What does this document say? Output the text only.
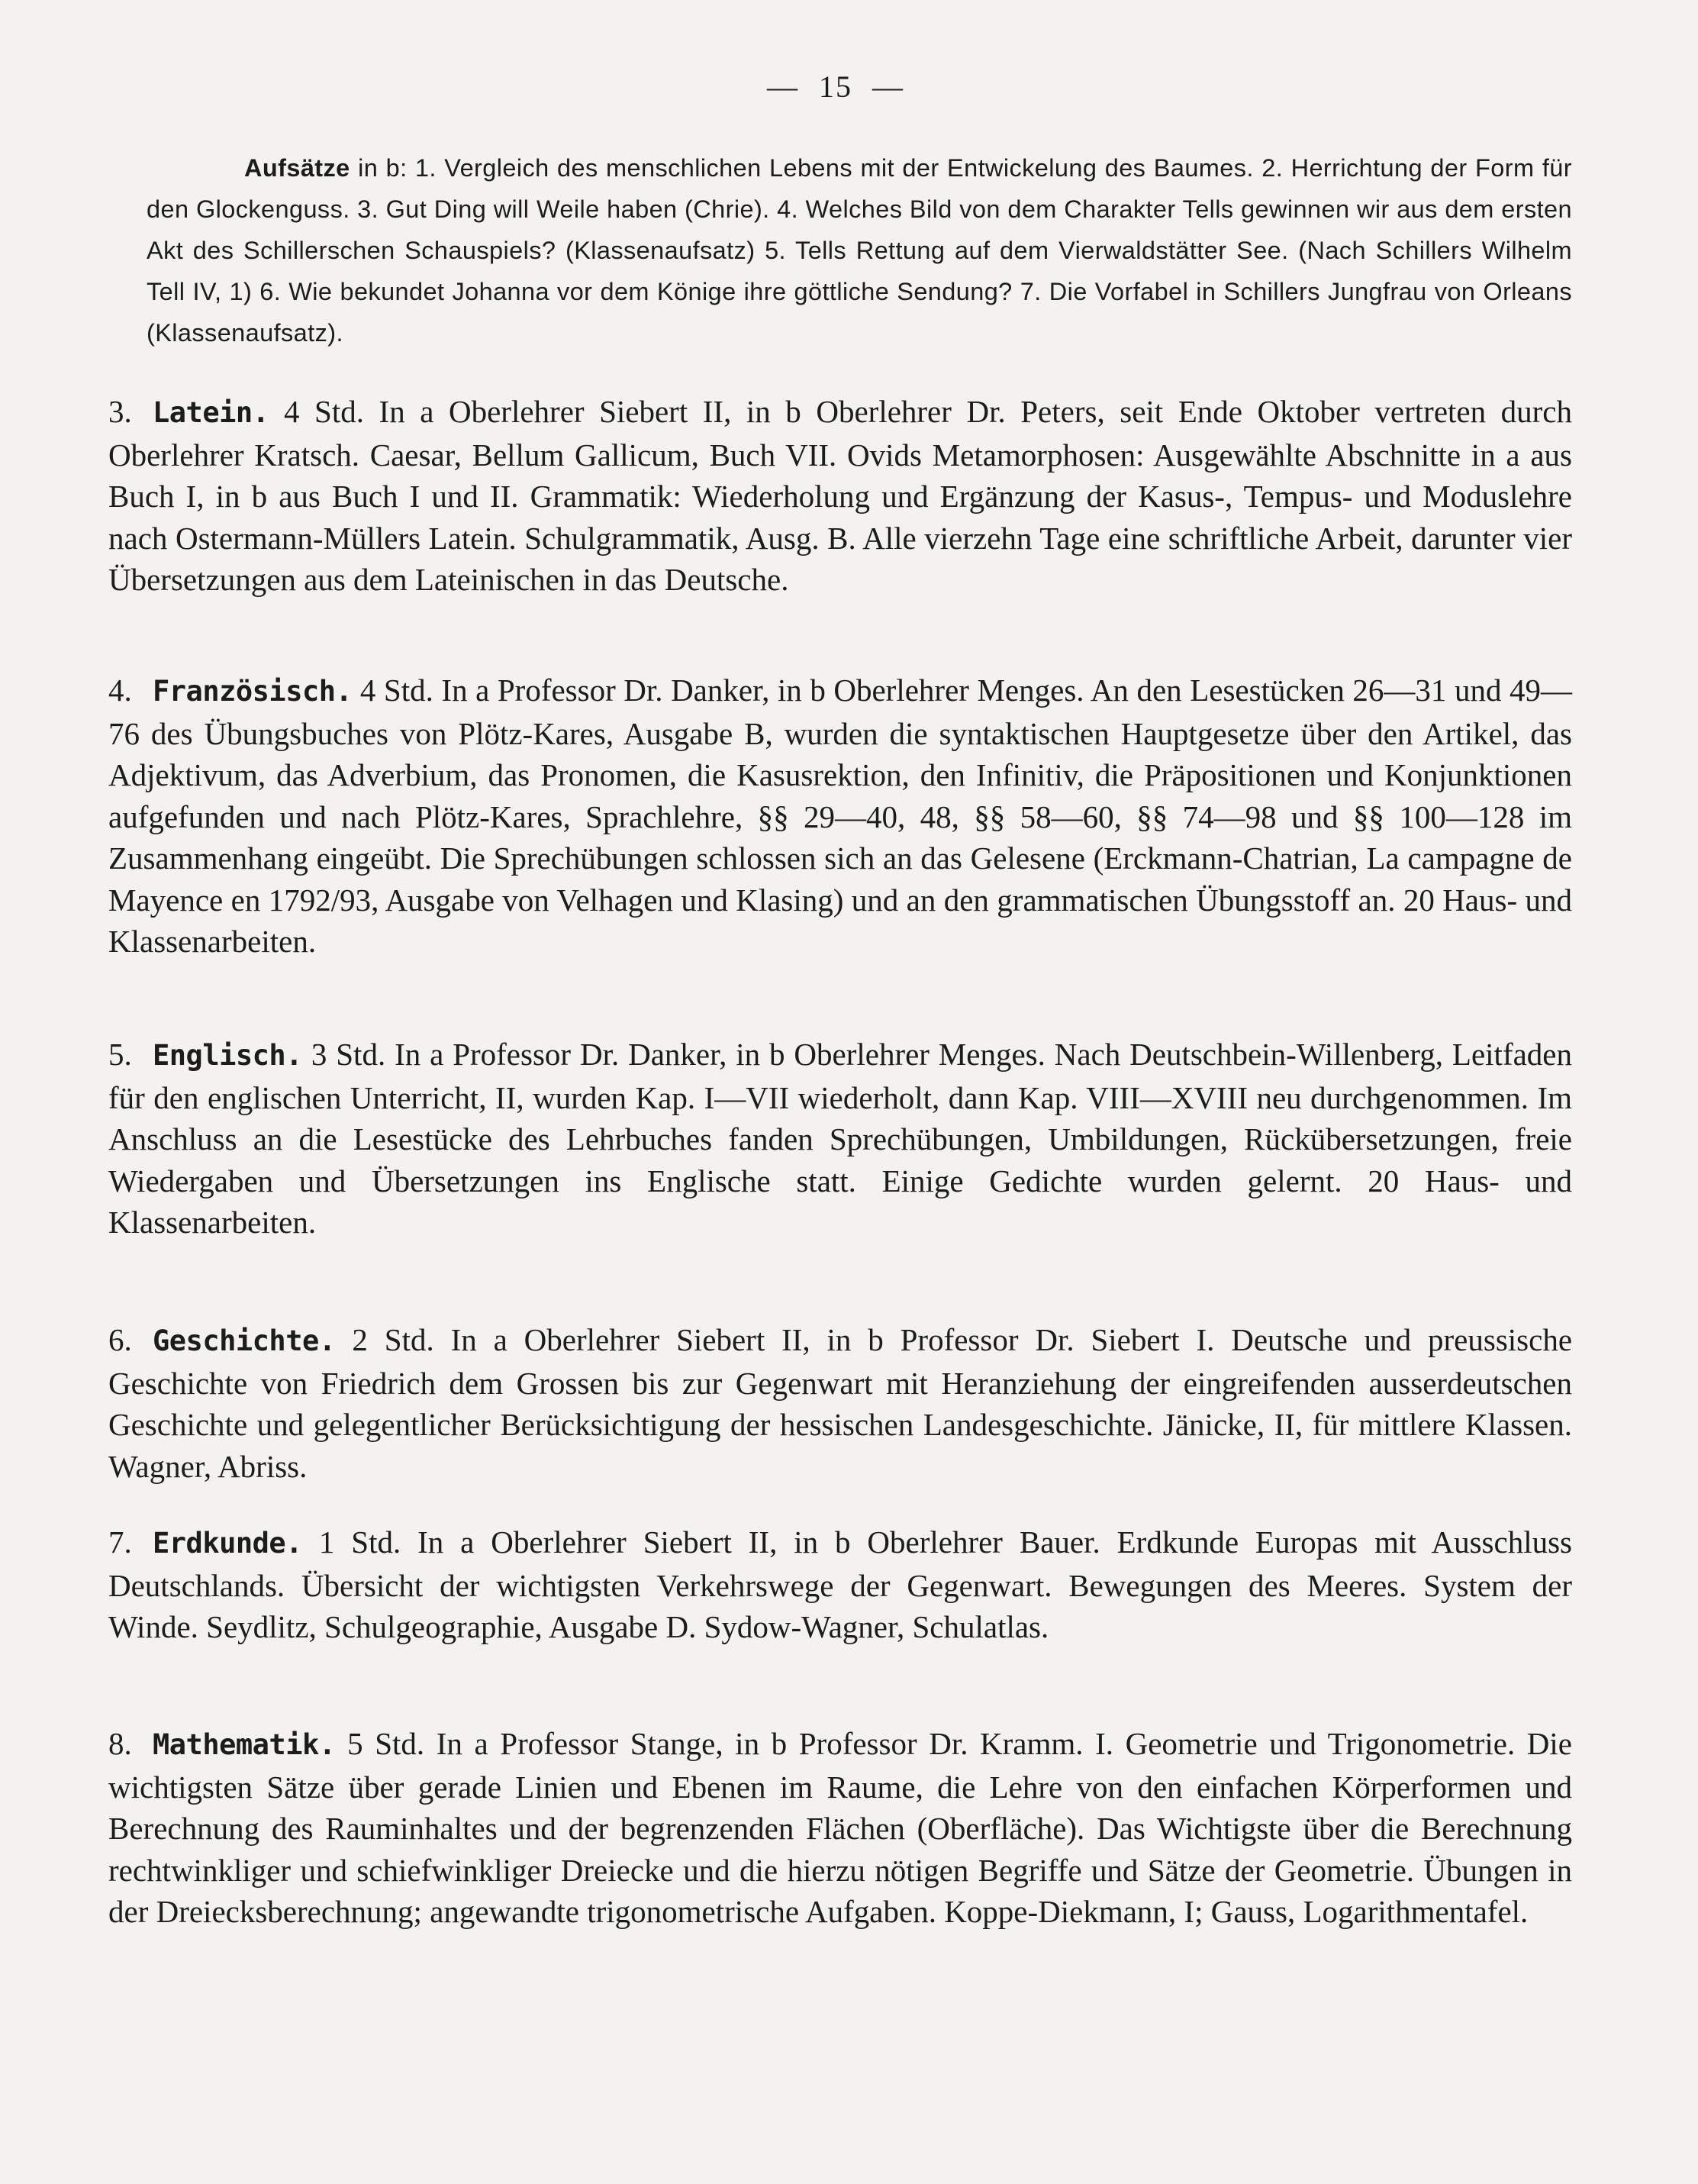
— 15 —
Aufsätze in b: 1. Vergleich des menschlichen Lebens mit der Entwickelung des Baumes. 2. Herrichtung der Form für den Glockenguss. 3. Gut Ding will Weile haben (Chrie). 4. Welches Bild von dem Charakter Tells gewinnen wir aus dem ersten Akt des Schillerschen Schauspiels? (Klassenaufsatz) 5. Tells Rettung auf dem Vierwaldstätter See. (Nach Schillers Wilhelm Tell IV, 1) 6. Wie bekundet Johanna vor dem Könige ihre göttliche Sendung? 7. Die Vorfabel in Schillers Jungfrau von Orleans (Klassenaufsatz).
3. Latein. 4 Std. In a Oberlehrer Siebert II, in b Oberlehrer Dr. Peters, seit Ende Oktober vertreten durch Oberlehrer Kratsch. Caesar, Bellum Gallicum, Buch VII. Ovids Metamorphosen: Ausgewählte Abschnitte in a aus Buch I, in b aus Buch I und II. Grammatik: Wiederholung und Ergänzung der Kasus-, Tempus- und Moduslehre nach Ostermann-Müllers Latein. Schulgrammatik, Ausg. B. Alle vierzehn Tage eine schriftliche Arbeit, darunter vier Übersetzungen aus dem Lateinischen in das Deutsche.
4. Französisch. 4 Std. In a Professor Dr. Danker, in b Oberlehrer Menges. An den Lesestücken 26—31 und 49—76 des Übungsbuches von Plötz-Kares, Ausgabe B, wurden die syntaktischen Hauptgesetze über den Artikel, das Adjektivum, das Adverbium, das Pronomen, die Kasusrektion, den Infinitiv, die Präpositionen und Konjunktionen aufgefunden und nach Plötz-Kares, Sprachlehre, §§ 29—40, 48, §§ 58—60, §§ 74—98 und §§ 100—128 im Zusammenhang eingeübt. Die Sprechübungen schlossen sich an das Gelesene (Erckmann-Chatrian, La campagne de Mayence en 1792/93, Ausgabe von Velhagen und Klasing) und an den grammatischen Übungsstoff an. 20 Haus- und Klassenarbeiten.
5. Englisch. 3 Std. In a Professor Dr. Danker, in b Oberlehrer Menges. Nach Deutschbein-Willenberg, Leitfaden für den englischen Unterricht, II, wurden Kap. I—VII wiederholt, dann Kap. VIII—XVIII neu durchgenommen. Im Anschluss an die Lesestücke des Lehrbuches fanden Sprechübungen, Umbildungen, Rückübersetzungen, freie Wiedergaben und Übersetzungen ins Englische statt. Einige Gedichte wurden gelernt. 20 Haus- und Klassenarbeiten.
6. Geschichte. 2 Std. In a Oberlehrer Siebert II, in b Professor Dr. Siebert I. Deutsche und preussische Geschichte von Friedrich dem Grossen bis zur Gegenwart mit Heranziehung der eingreifenden ausserdeutschen Geschichte und gelegentlicher Berücksichtigung der hessischen Landesgeschichte. Jänicke, II, für mittlere Klassen. Wagner, Abriss.
7. Erdkunde. 1 Std. In a Oberlehrer Siebert II, in b Oberlehrer Bauer. Erdkunde Europas mit Ausschluss Deutschlands. Übersicht der wichtigsten Verkehrswege der Gegenwart. Bewegungen des Meeres. System der Winde. Seydlitz, Schulgeographie, Ausgabe D. Sydow-Wagner, Schulatlas.
8. Mathematik. 5 Std. In a Professor Stange, in b Professor Dr. Kramm. I. Geometrie und Trigonometrie. Die wichtigsten Sätze über gerade Linien und Ebenen im Raume, die Lehre von den einfachen Körperformen und Berechnung des Rauminhaltes und der begrenzenden Flächen (Oberfläche). Das Wichtigste über die Berechnung rechtwinkliger und schiefwinkliger Dreiecke und die hierzu nötigen Begriffe und Sätze der Geometrie. Übungen in der Dreiecksberechnung; angewandte trigonometrische Aufgaben. Koppe-Diekmann, I; Gauss, Logarithmentafel.
